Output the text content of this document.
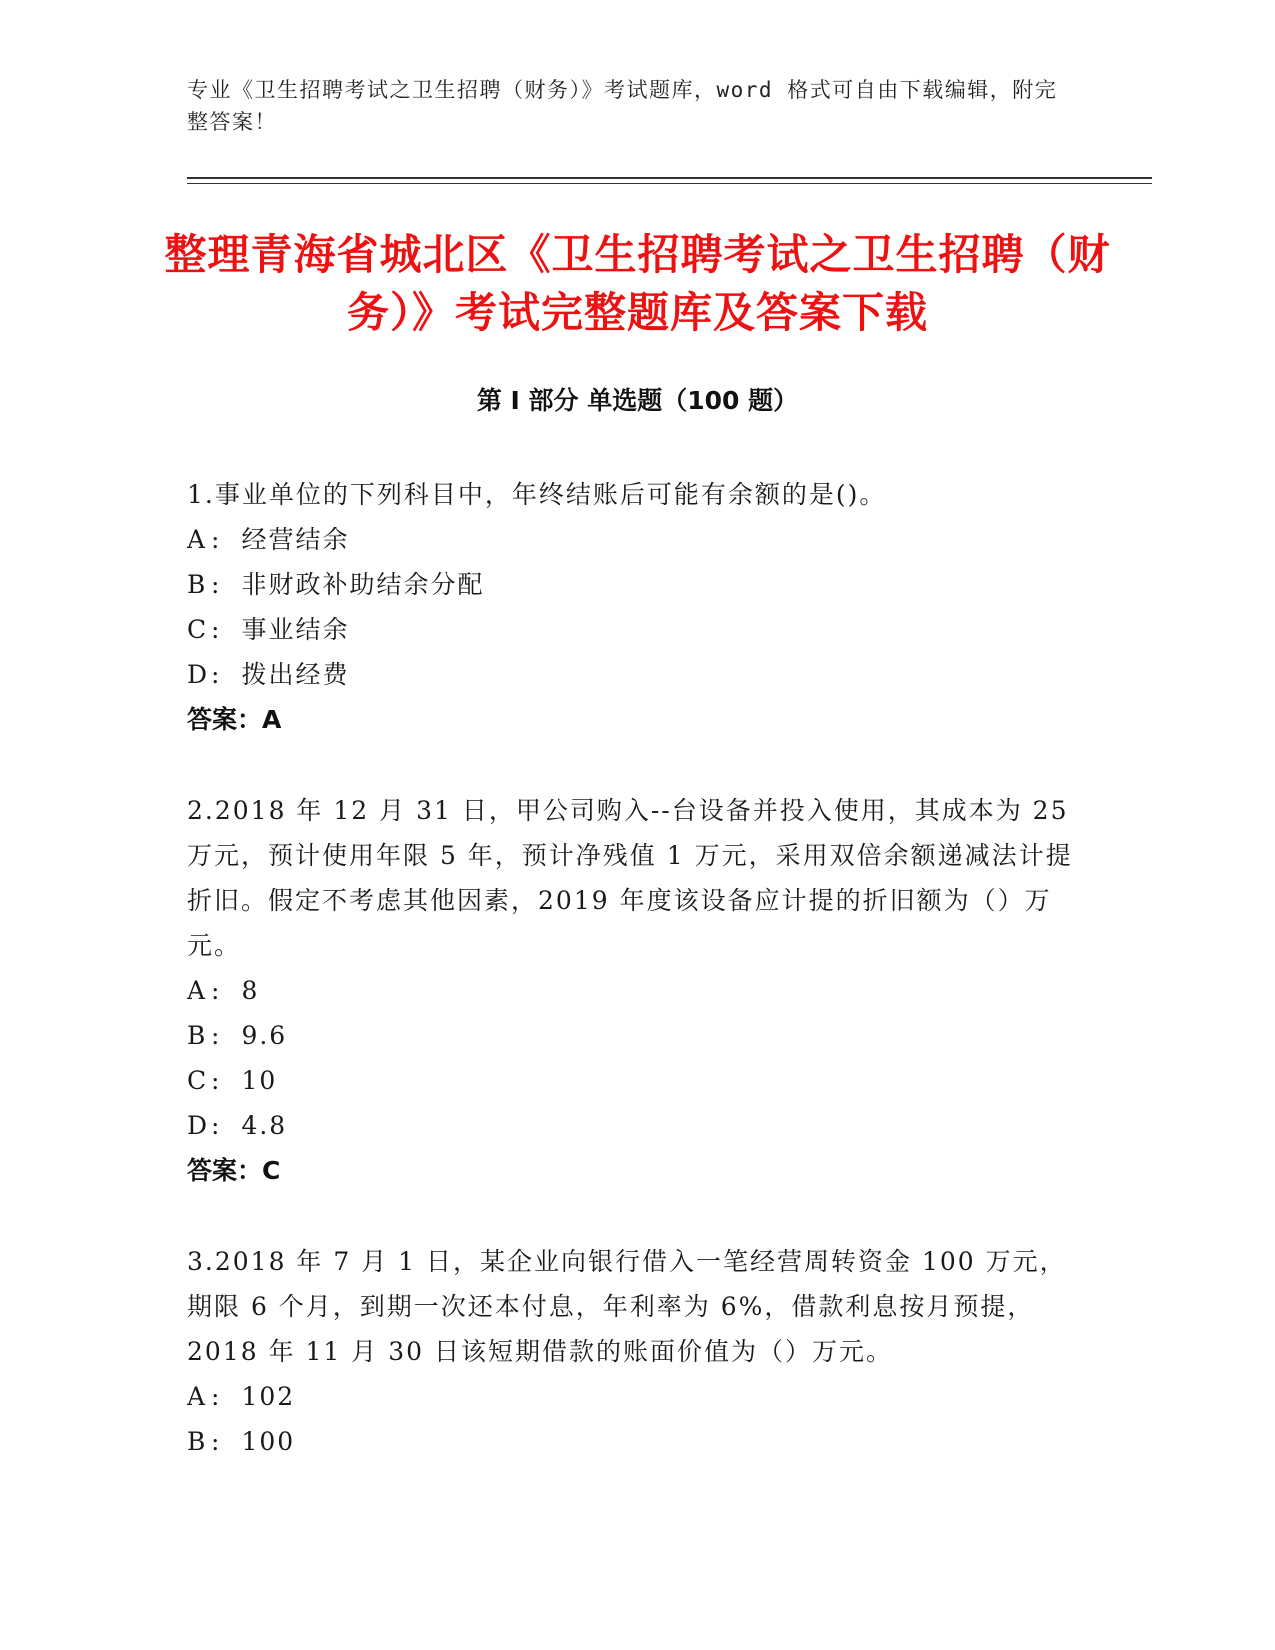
专业《卫生招聘考试之卫生招聘（财务）》考试题库，word 格式可自由下载编辑，附完整答案！
整理青海省城北区《卫生招聘考试之卫生招聘（财务）》考试完整题库及答案下载
第 I 部分 单选题（100 题）
1.事业单位的下列科目中，年终结账后可能有余额的是()。
A : 经营结余
B : 非财政补助结余分配
C : 事业结余
D: 拨出经费
答案：A
2.2018 年 12 月 31 日，甲公司购入--台设备并投入使用，其成本为 25 万元，预计使用年限 5 年，预计净残值 1 万元，采用双倍余额递减法计提折旧。假定不考虑其他因素，2019 年度该设备应计提的折旧额为（）万元。
A : 8
B : 9.6
C : 10
D: 4.8
答案：C
3.2018 年 7 月 1 日，某企业向银行借入一笔经营周转资金 100 万元，期限 6 个月，到期一次还本付息，年利率为 6%，借款利息按月预提，2018 年 11 月 30 日该短期借款的账面价值为（）万元。
A : 102
B : 100
